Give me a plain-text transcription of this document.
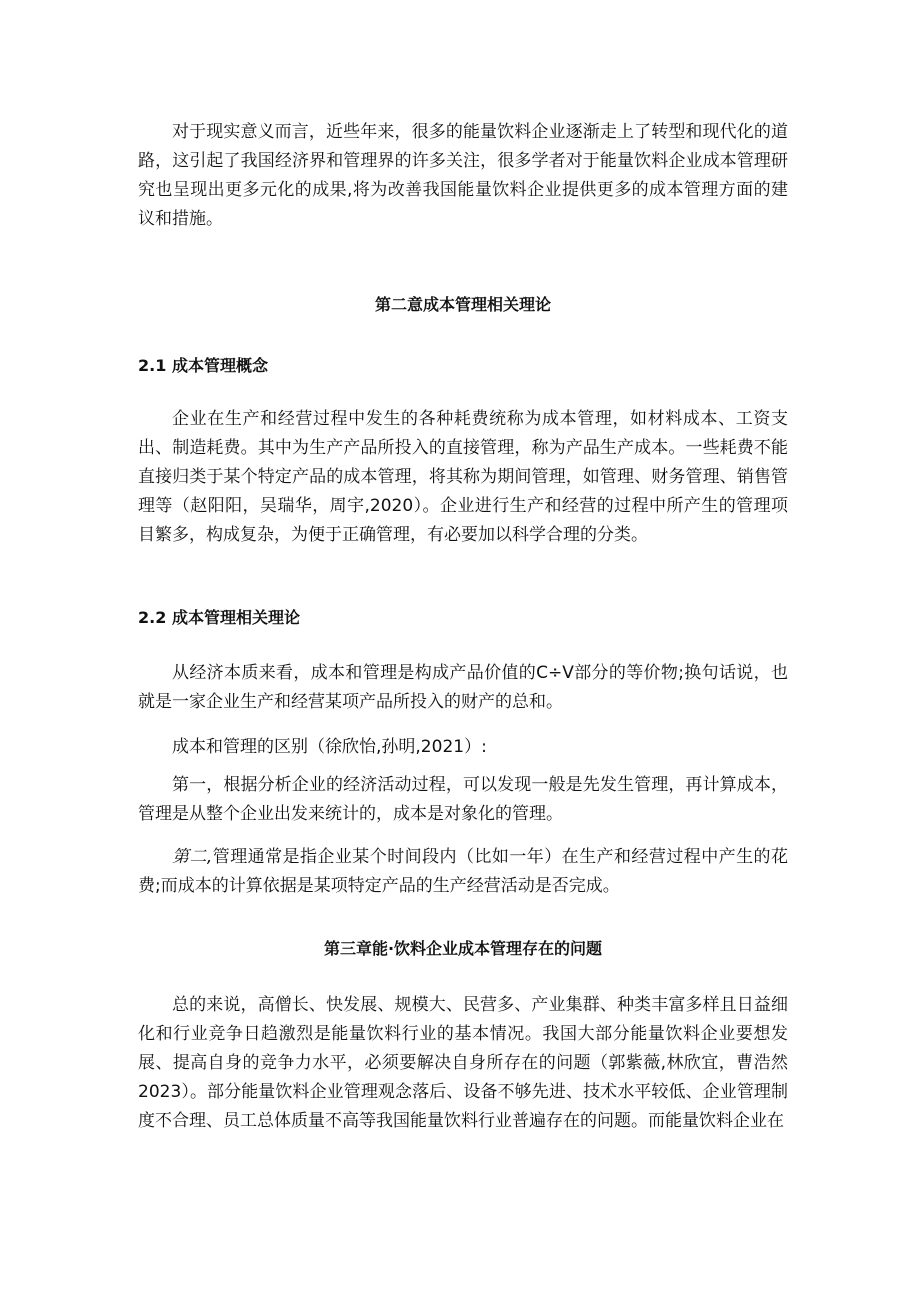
对于现实意义而言，近些年来，很多的能量饮料企业逐渐走上了转型和现代化的道路，这引起了我国经济界和管理界的许多关注，很多学者对于能量饮料企业成本管理研究也呈现出更多元化的成果,将为改善我国能量饮料企业提供更多的成本管理方面的建议和措施。

第二意成本管理相关理论
2.1 成本管理概念

企业在生产和经营过程中发生的各种耗费统称为成本管理，如材料成本、工资支出、制造耗费。其中为生产产品所投入的直接管理，称为产品生产成本。一些耗费不能直接归类于某个特定产品的成本管理，将其称为期间管理，如管理、财务管理、销售管理等（赵阳阳，吴瑞华，周宇,2020）。企业进行生产和经营的过程中所产生的管理项目繁多，构成复杂，为便于正确管理，有必要加以科学合理的分类。

2.2 成本管理相关理论

从经济本质来看，成本和管理是构成产品价值的C÷V部分的等价物;换句话说，也就是一家企业生产和经营某项产品所投入的财产的总和。

成本和管理的区别（徐欣怡,孙明,2021）:

第一，根据分析企业的经济活动过程，可以发现一般是先发生管理，再计算成本，管理是从整个企业出发来统计的，成本是对象化的管理。

第二,管理通常是指企业某个时间段内（比如一年）在生产和经营过程中产生的花费;而成本的计算依据是某项特定产品的生产经营活动是否完成。

第三章能·饮料企业成本管理存在的问题

总的来说，高僧长、快发展、规模大、民营多、产业集群、种类丰富多样且日益细化和行业竞争日趋激烈是能量饮料行业的基本情况。我国大部分能量饮料企业要想发展、提高自身的竞争力水平，必须要解决自身所存在的问题（郭紫薇,林欣宜，曹浩然2023）。部分能量饮料企业管理观念落后、设备不够先进、技术水平较低、企业管理制度不合理、员工总体质量不高等我国能量饮料行业普遍存在的问题。而能量饮料企业在
